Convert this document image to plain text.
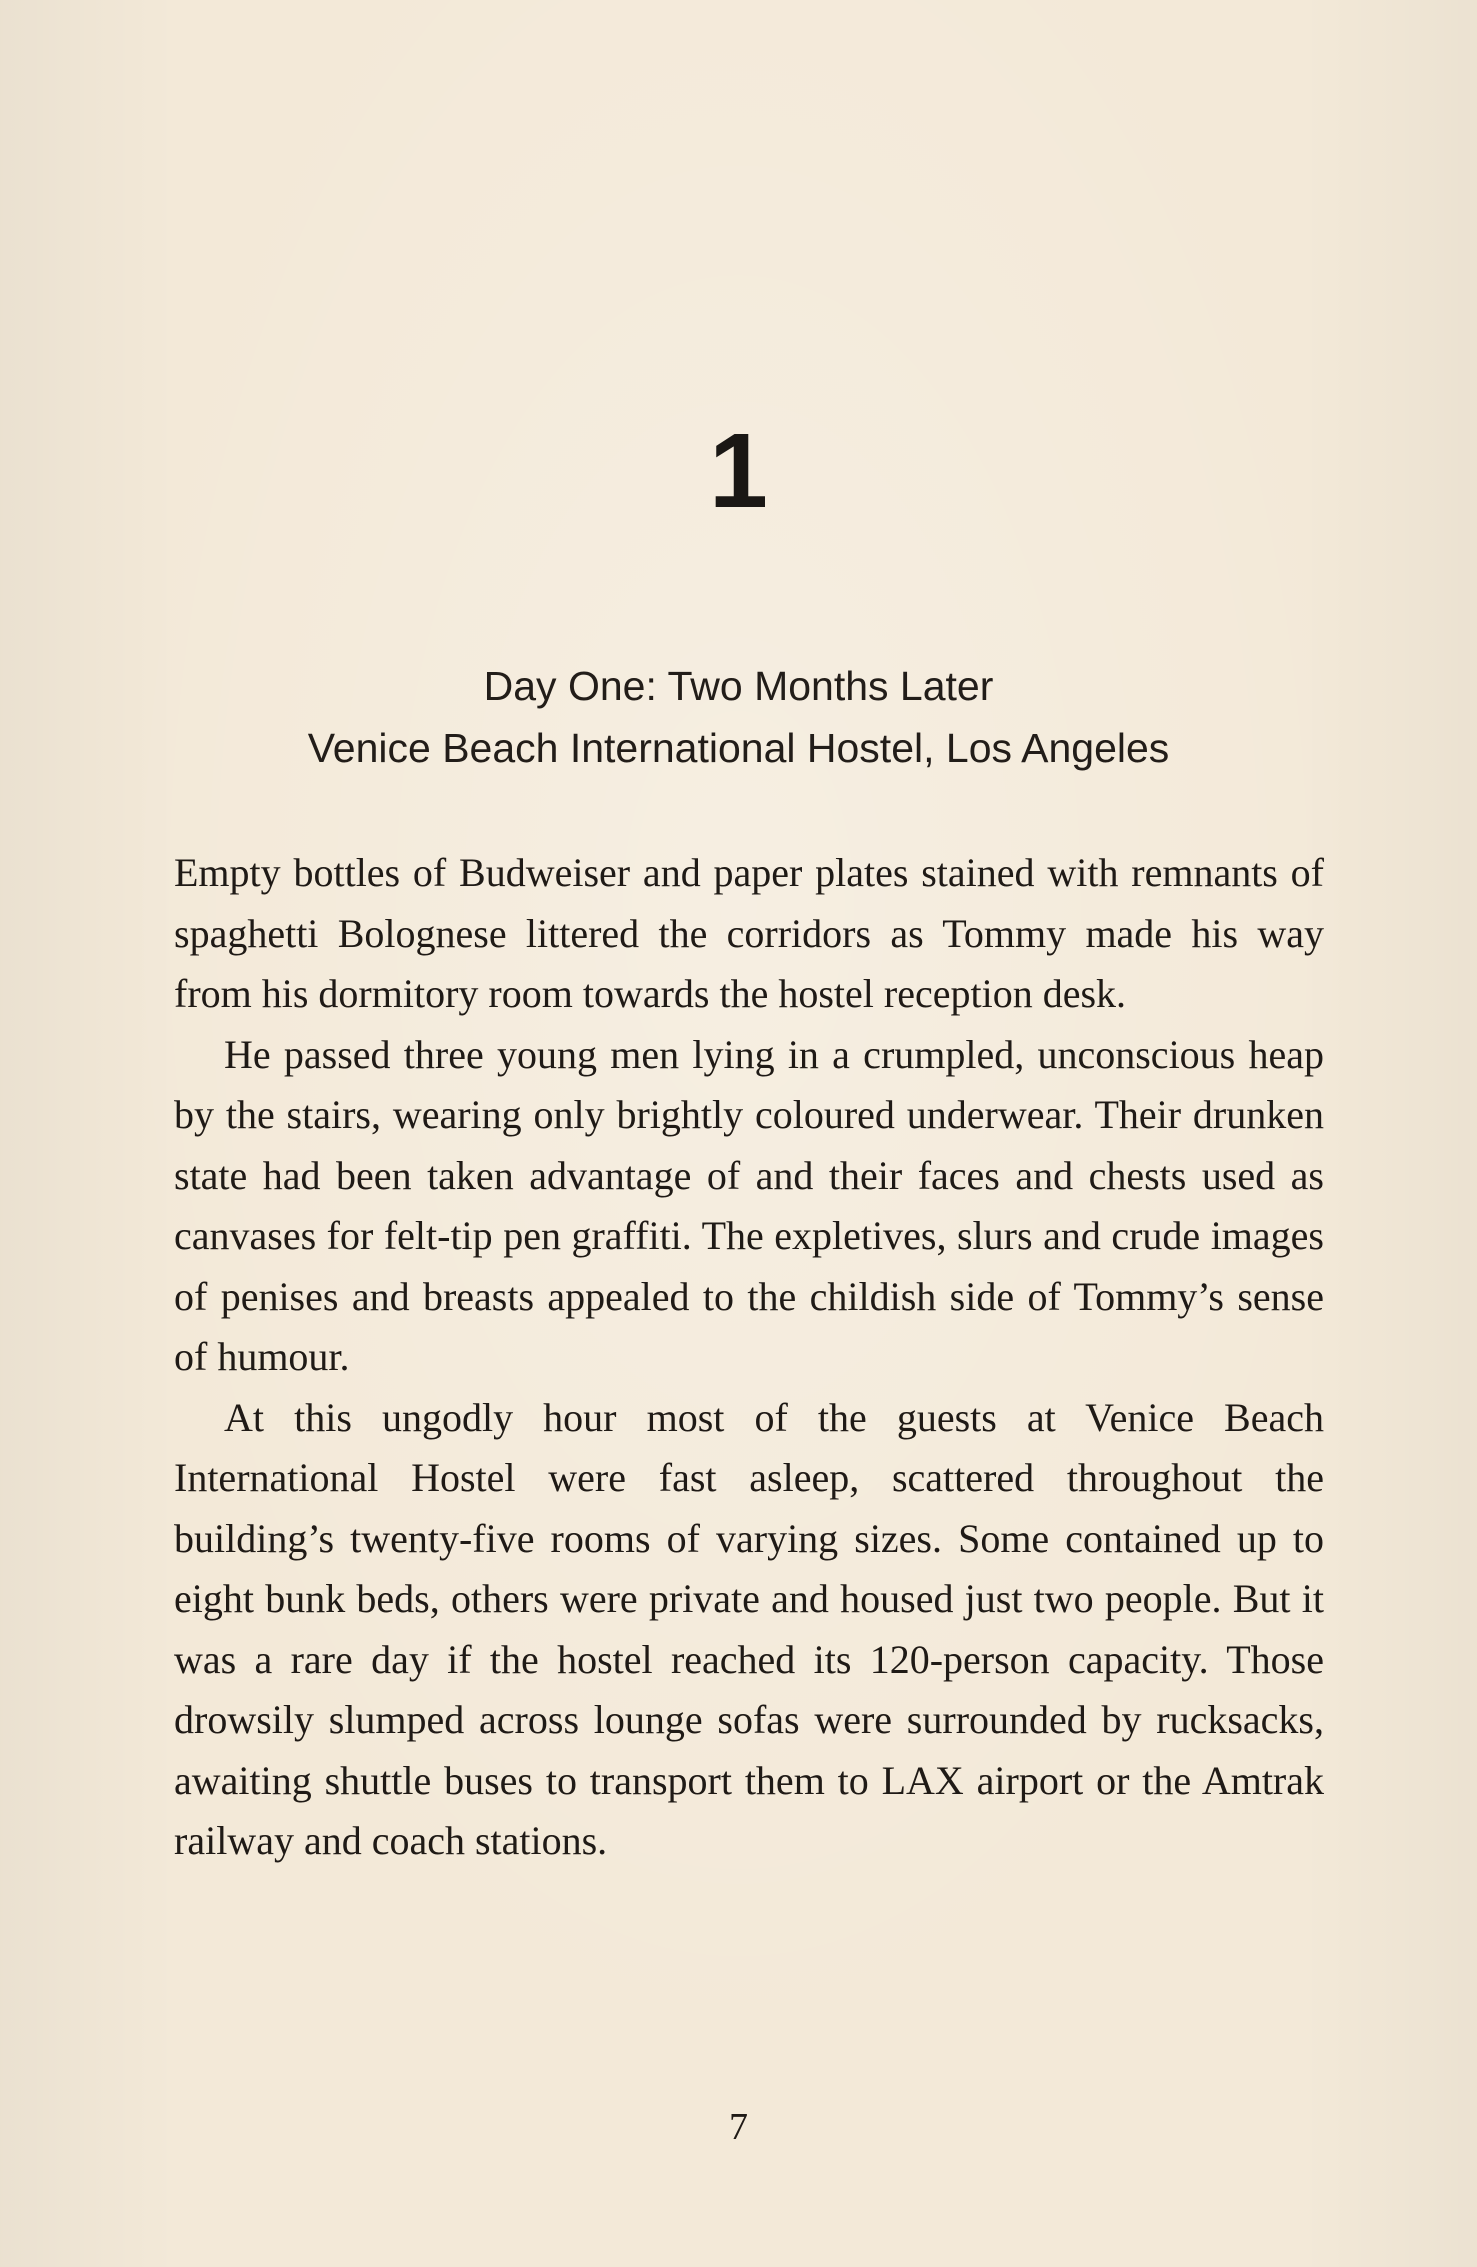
1
Day One: Two Months Later
Venice Beach International Hostel, Los Angeles

Empty bottles of Budweiser and paper plates stained with remnants of spaghetti Bolognese littered the corridors as Tommy made his way from his dormitory room towards the hostel reception desk.

He passed three young men lying in a crumpled, unconscious heap by the stairs, wearing only brightly coloured underwear. Their drunken state had been taken advantage of and their faces and chests used as canvases for felt-tip pen graffiti. The expletives, slurs and crude images of penises and breasts appealed to the childish side of Tommy’s sense of humour.

At this ungodly hour most of the guests at Venice Beach International Hostel were fast asleep, scattered throughout the building’s twenty-five rooms of varying sizes. Some contained up to eight bunk beds, others were private and housed just two people. But it was a rare day if the hostel reached its 120-person capacity. Those drowsily slumped across lounge sofas were surrounded by rucksacks, awaiting shuttle buses to transport them to LAX airport or the Amtrak railway and coach stations.

7
